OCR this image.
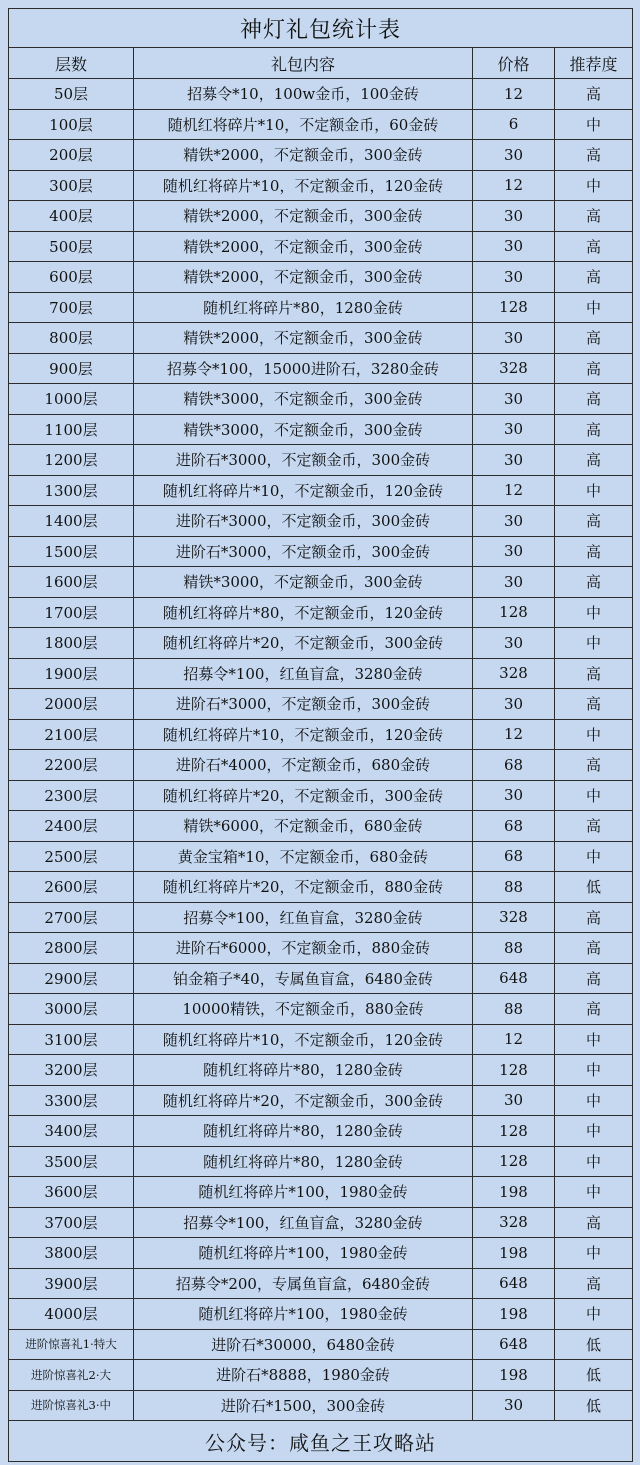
神灯礼包统计表			
层数	礼包内容	价格	推荐度
50层	招募令*10，100w金币，100金砖	12	高
100层	随机红将碎片*10，不定额金币，60金砖	6	中
200层	精铁*2000，不定额金币，300金砖	30	高
300层	随机红将碎片*10，不定额金币，120金砖	12	中
400层	精铁*2000，不定额金币，300金砖	30	高
500层	精铁*2000，不定额金币，300金砖	30	高
600层	精铁*2000，不定额金币，300金砖	30	高
700层	随机红将碎片*80，1280金砖	128	中
800层	精铁*2000，不定额金币，300金砖	30	高
900层	招募令*100，15000进阶石，3280金砖	328	高
1000层	精铁*3000，不定额金币，300金砖	30	高
1100层	精铁*3000，不定额金币，300金砖	30	高
1200层	进阶石*3000，不定额金币，300金砖	30	高
1300层	随机红将碎片*10，不定额金币，120金砖	12	中
1400层	进阶石*3000，不定额金币，300金砖	30	高
1500层	进阶石*3000，不定额金币，300金砖	30	高
1600层	精铁*3000，不定额金币，300金砖	30	高
1700层	随机红将碎片*80，不定额金币，120金砖	128	中
1800层	随机红将碎片*20，不定额金币，300金砖	30	中
1900层	招募令*100，红鱼盲盒，3280金砖	328	高
2000层	进阶石*3000，不定额金币，300金砖	30	高
2100层	随机红将碎片*10，不定额金币，120金砖	12	中
2200层	进阶石*4000，不定额金币，680金砖	68	高
2300层	随机红将碎片*20，不定额金币，300金砖	30	中
2400层	精铁*6000，不定额金币，680金砖	68	高
2500层	黄金宝箱*10，不定额金币，680金砖	68	中
2600层	随机红将碎片*20，不定额金币，880金砖	88	低
2700层	招募令*100，红鱼盲盒，3280金砖	328	高
2800层	进阶石*6000，不定额金币，880金砖	88	高
2900层	铂金箱子*40，专属鱼盲盒，6480金砖	648	高
3000层	10000精铁，不定额金币，880金砖	88	高
3100层	随机红将碎片*10，不定额金币，120金砖	12	中
3200层	随机红将碎片*80，1280金砖	128	中
3300层	随机红将碎片*20，不定额金币，300金砖	30	中
3400层	随机红将碎片*80，1280金砖	128	中
3500层	随机红将碎片*80，1280金砖	128	中
3600层	随机红将碎片*100，1980金砖	198	中
3700层	招募令*100，红鱼盲盒，3280金砖	328	高
3800层	随机红将碎片*100，1980金砖	198	中
3900层	招募令*200，专属鱼盲盒，6480金砖	648	高
4000层	随机红将碎片*100，1980金砖	198	中
进阶惊喜礼1·特大	进阶石*30000，6480金砖	648	低
进阶惊喜礼2·大	进阶石*8888，1980金砖	198	低
进阶惊喜礼3·中	进阶石*1500，300金砖	30	低
公众号：咸鱼之王攻略站			
